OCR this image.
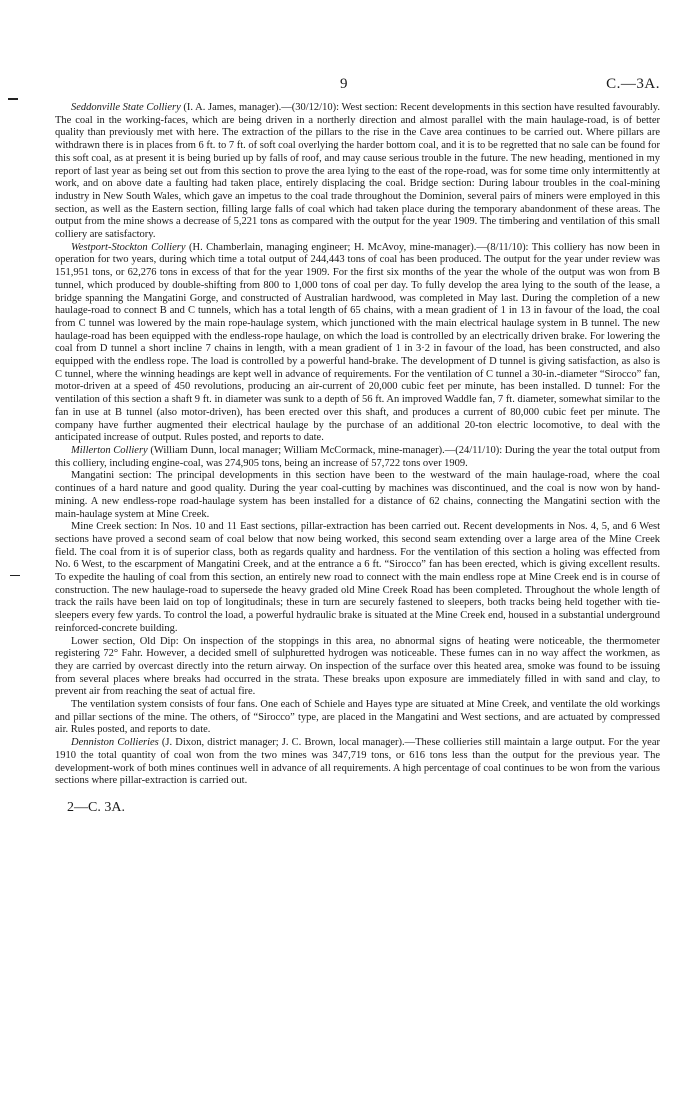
9	C.—3A.

Seddonville State Colliery (I. A. James, manager).—(30/12/10): West section: Recent developments in this section have resulted favourably. The coal in the working-faces, which are being driven in a northerly direction and almost parallel with the main haulage-road, is of better quality than previously met with here. The extraction of the pillars to the rise in the Cave area continues to be carried out. Where pillars are withdrawn there is in places from 6 ft. to 7 ft. of soft coal overlying the harder bottom coal, and it is to be regretted that no sale can be found for this soft coal, as at present it is being buried up by falls of roof, and may cause serious trouble in the future. The new heading, mentioned in my report of last year as being set out from this section to prove the area lying to the east of the rope-road, was for some time only intermittently at work, and on above date a faulting had taken place, entirely displacing the coal. Bridge section: During labour troubles in the coal-mining industry in New South Wales, which gave an impetus to the coal trade throughout the Dominion, several pairs of miners were employed in this section, as well as the Eastern section, filling large falls of coal which had taken place during the temporary abandonment of these areas. The output from the mine shows a decrease of 5,221 tons as compared with the output for the year 1909. The timbering and ventilation of this small colliery are satisfactory.

Westport-Stockton Colliery (H. Chamberlain, managing engineer; H. McAvoy, mine-manager).—(8/11/10): This colliery has now been in operation for two years, during which time a total output of 244,443 tons of coal has been produced. The output for the year under review was 151,951 tons, or 62,276 tons in excess of that for the year 1909. For the first six months of the year the whole of the output was won from B tunnel, which produced by double-shifting from 800 to 1,000 tons of coal per day. To fully develop the area lying to the south of the lease, a bridge spanning the Mangatini Gorge, and constructed of Australian hardwood, was completed in May last. During the completion of a new haulage-road to connect B and C tunnels, which has a total length of 65 chains, with a mean gradient of 1 in 13 in favour of the load, the coal from C tunnel was lowered by the main rope-haulage system, which junctioned with the main electrical haulage system in B tunnel. The new haulage-road has been equipped with the endless-rope haulage, on which the load is controlled by an electrically driven brake. For lowering the coal from D tunnel a short incline 7 chains in length, with a mean gradient of 1 in 3·2 in favour of the load, has been constructed, and also equipped with the endless rope. The load is controlled by a powerful hand-brake. The development of D tunnel is giving satisfaction, as also is C tunnel, where the winning headings are kept well in advance of requirements. For the ventilation of C tunnel a 30-in.-diameter “Sirocco” fan, motor-driven at a speed of 450 revolutions, producing an air-current of 20,000 cubic feet per minute, has been installed. D tunnel: For the ventilation of this section a shaft 9 ft. in diameter was sunk to a depth of 56 ft. An improved Waddle fan, 7 ft. diameter, somewhat similar to the fan in use at B tunnel (also motor-driven), has been erected over this shaft, and produces a current of 80,000 cubic feet per minute. The company have further augmented their electrical haulage by the purchase of an additional 20-ton electric locomotive, to deal with the anticipated increase of output. Rules posted, and reports to date.

Millerton Colliery (William Dunn, local manager; William McCormack, mine-manager).—(24/11/10): During the year the total output from this colliery, including engine-coal, was 274,905 tons, being an increase of 57,722 tons over 1909.

Mangatini section: The principal developments in this section have been to the westward of the main haulage-road, where the coal continues of a hard nature and good quality. During the year coal-cutting by machines was discontinued, and the coal is now won by hand-mining. A new endless-rope road-haulage system has been installed for a distance of 62 chains, connecting the Mangatini section with the main-haulage system at Mine Creek.

Mine Creek section: In Nos. 10 and 11 East sections, pillar-extraction has been carried out. Recent developments in Nos. 4, 5, and 6 West sections have proved a second seam of coal below that now being worked, this second seam extending over a large area of the Mine Creek field. The coal from it is of superior class, both as regards quality and hardness. For the ventilation of this section a holing was effected from No. 6 West, to the escarpment of Mangatini Creek, and at the entrance a 6 ft. “Sirocco” fan has been erected, which is giving excellent results. To expedite the hauling of coal from this section, an entirely new road to connect with the main endless rope at Mine Creek end is in course of construction. The new haulage-road to supersede the heavy graded old Mine Creek Road has been completed. Throughout the whole length of track the rails have been laid on top of longitudinals; these in turn are securely fastened to sleepers, both tracks being held together with tie-sleepers every few yards. To control the load, a powerful hydraulic brake is situated at the Mine Creek end, housed in a substantial underground reinforced-concrete building.

Lower section, Old Dip: On inspection of the stoppings in this area, no abnormal signs of heating were noticeable, the thermometer registering 72° Fahr. However, a decided smell of sulphuretted hydrogen was noticeable. These fumes can in no way affect the workmen, as they are carried by overcast directly into the return airway. On inspection of the surface over this heated area, smoke was found to be issuing from several places where breaks had occurred in the strata. These breaks upon exposure are immediately filled in with sand and clay, to prevent air from reaching the seat of actual fire.

The ventilation system consists of four fans. One each of Schiele and Hayes type are situated at Mine Creek, and ventilate the old workings and pillar sections of the mine. The others, of “Sirocco” type, are placed in the Mangatini and West sections, and are actuated by compressed air. Rules posted, and reports to date.

Denniston Collieries (J. Dixon, district manager; J. C. Brown, local manager).—These collieries still maintain a large output. For the year 1910 the total quantity of coal won from the two mines was 347,719 tons, or 616 tons less than the output for the previous year. The development-work of both mines continues well in advance of all requirements. A high percentage of coal continues to be won from the various sections where pillar-extraction is carried out.

2—C. 3A.
